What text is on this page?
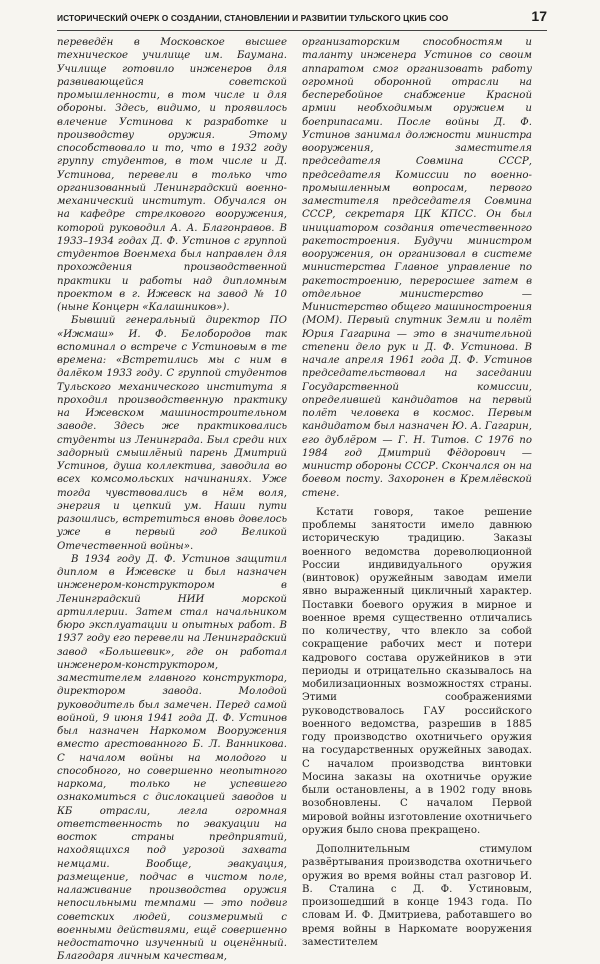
ИСТОРИЧЕСКИЙ ОЧЕРК О СОЗДАНИИ, СТАНОВЛЕНИИ И РАЗВИТИИ ТУЛЬСКОГО ЦКИБ СОО	17

переведён в Московское высшее техническое училище им. Баумана. Училище готовило инженеров для развивающейся советской промышленности, в том числе и для обороны. Здесь, видимо, и проявилось влечение Устинова к разработке и производству оружия. Этому способствовало и то, что в 1932 году группу студентов, в том числе и Д. Устинова, перевели в только что организованный Ленинградский военно-механический институт. Обучался он на кафедре стрелкового вооружения, которой руководил А. А. Благонравов. В 1933–1934 годах Д. Ф. Устинов с группой студентов Военмеха был направлен для прохождения производственной практики и работы над дипломным проектом в г. Ижевск на завод № 10 (ныне Концерн «Калашников»).

Бывший генеральный директор ПО «Ижмаш» И. Ф. Белобородов так вспоминал о встрече с Устиновым в те времена: «Встретились мы с ним в далёком 1933 году. С группой студентов Тульского механического института я проходил производственную практику на Ижевском машиностроительном заводе. Здесь же практиковались студенты из Ленинграда. Был среди них задорный смышлёный парень Дмитрий Устинов, душа коллектива, заводила во всех комсомольских начинаниях. Уже тогда чувствовались в нём воля, энергия и цепкий ум. Наши пути разошлись, встретиться вновь довелось уже в первый год Великой Отечественной войны».

В 1934 году Д. Ф. Устинов защитил диплом в Ижевске и был назначен инженером-конструктором в Ленинградский НИИ морской артиллерии. Затем стал начальником бюро эксплуатации и опытных работ. В 1937 году его перевели на Ленинградский завод «Большевик», где он работал инженером-конструктором, заместителем главного конструктора, директором завода. Молодой руководитель был замечен. Перед самой войной, 9 июня 1941 года Д. Ф. Устинов был назначен Наркомом Вооружения вместо арестованного Б. Л. Ванникова. С началом войны на молодого и способного, но совершенно неопытного наркома, только не успевшего ознакомиться с дислокацией заводов и КБ отрасли, легла огромная ответственность по эвакуации на восток страны предприятий, находящихся под угрозой захвата немцами. Вообще, эвакуация, размещение, подчас в чистом поле, налаживание производства оружия непосильными темпами — это подвиг советских людей, соизмеримый с военными действиями, ещё совершенно недостаточно изученный и оценённый. Благодаря личным качествам,

организаторским способностям и таланту инженера Устинов со своим аппаратом смог организовать работу огромной оборонной отрасли на бесперебойное снабжение Красной армии необходимым оружием и боеприпасами. После войны Д. Ф. Устинов занимал должности министра вооружения, заместителя председателя Совмина СССР, председателя Комиссии по военно-промышленным вопросам, первого заместителя председателя Совмина СССР, секретаря ЦК КПСС. Он был инициатором создания отечественного ракетостроения. Будучи министром вооружения, он организовал в системе министерства Главное управление по ракетостроению, переросшее затем в отдельное министерство — Министерство общего машиностроения (МОМ). Первый спутник Земли и полёт Юрия Гагарина — это в значительной степени дело рук и Д. Ф. Устинова. В начале апреля 1961 года Д. Ф. Устинов председательствовал на заседании Государственной комиссии, определившей кандидатов на первый полёт человека в космос. Первым кандидатом был назначен Ю. А. Гагарин, его дублёром — Г. Н. Титов. С 1976 по 1984 год Дмитрий Фёдорович — министр обороны СССР. Скончался он на боевом посту. Захоронен в Кремлёвской стене.

Кстати говоря, такое решение проблемы занятости имело давнюю историческую традицию. Заказы военного ведомства дореволюционной России индивидуального оружия (винтовок) оружейным заводам имели явно выраженный цикличный характер. Поставки боевого оружия в мирное и военное время существенно отличались по количеству, что влекло за собой сокращение рабочих мест и потери кадрового состава оружейников в эти периоды и отрицательно сказывалось на мобилизационных возможностях страны. Этими соображениями руководствовалось ГАУ российского военного ведомства, разрешив в 1885 году производство охотничьего оружия на государственных оружейных заводах. С началом производства винтовки Мосина заказы на охотничье оружие были остановлены, а в 1902 году вновь возобновлены. С началом Первой мировой войны изготовление охотничьего оружия было снова прекращено.

Дополнительным стимулом развёртывания производства охотничьего оружия во время войны стал разговор И. В. Сталина с Д. Ф. Устиновым, произошедший в конце 1943 года. По словам И. Ф. Дмитриева, работавшего во время войны в Наркомате вооружения заместителем
